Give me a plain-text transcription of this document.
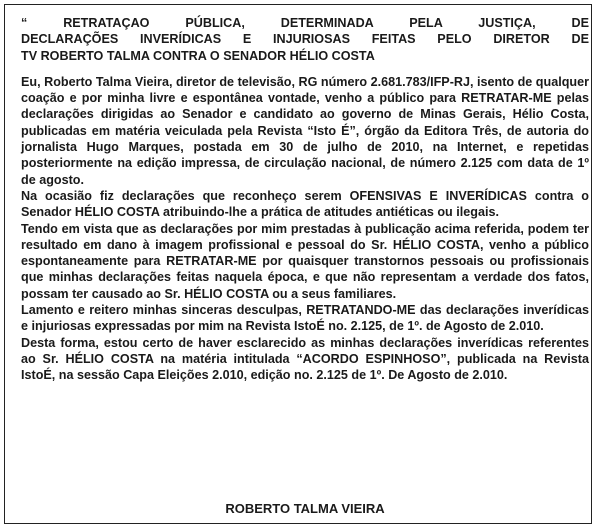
“ RETRATAÇAO PÚBLICA, DETERMINADA PELA JUSTIÇA, DE
DECLARAÇÕES INVERÍDICAS E INJURIOSAS FEITAS PELO DIRETOR DE
TV ROBERTO TALMA CONTRA O SENADOR HÉLIO COSTA

Eu, Roberto Talma Vieira, diretor de televisão, RG número 2.681.783/IFP-RJ, isento de qualquer coação e por minha livre e espontânea vontade, venho a público para RETRATAR-ME pelas declarações dirigidas ao Senador e candidato ao governo de Minas Gerais, Hélio Costa, publicadas em matéria veiculada pela Revista “Isto É”, órgão da Editora Três, de autoria do jornalista Hugo Marques, postada em 30 de julho de 2010, na Internet, e repetidas posteriormente na edição impressa, de circulação nacional, de número 2.125 com data de 1º de agosto.

Na ocasião fiz declarações que reconheço serem OFENSIVAS E INVERÍDICAS contra o Senador HÉLIO COSTA atribuindo-lhe a prática de atitudes antiéticas ou ilegais.

Tendo em vista que as declarações por mim prestadas à publicação acima referida, podem ter resultado em dano à imagem profissional e pessoal do Sr. HÉLIO COSTA, venho a público espontaneamente para RETRATAR-ME por quaisquer transtornos pessoais ou profissionais que minhas declarações feitas naquela época, e que não representam a verdade dos fatos, possam ter causado ao Sr. HÉLIO COSTA ou a seus familiares.

Lamento e reitero minhas sinceras desculpas, RETRATANDO-ME das declarações inverídicas e injuriosas expressadas por mim na Revista IstoÉ no. 2.125, de 1º. de Agosto de 2.010.

Desta forma, estou certo de haver esclarecido as minhas declarações inverídicas referentes ao Sr. HÉLIO COSTA na matéria intitulada “ACORDO ESPINHOSO”, publicada na Revista IstoÉ, na sessão Capa Eleições 2.010, edição no. 2.125 de 1º. De Agosto de 2.010.

ROBERTO TALMA VIEIRA
